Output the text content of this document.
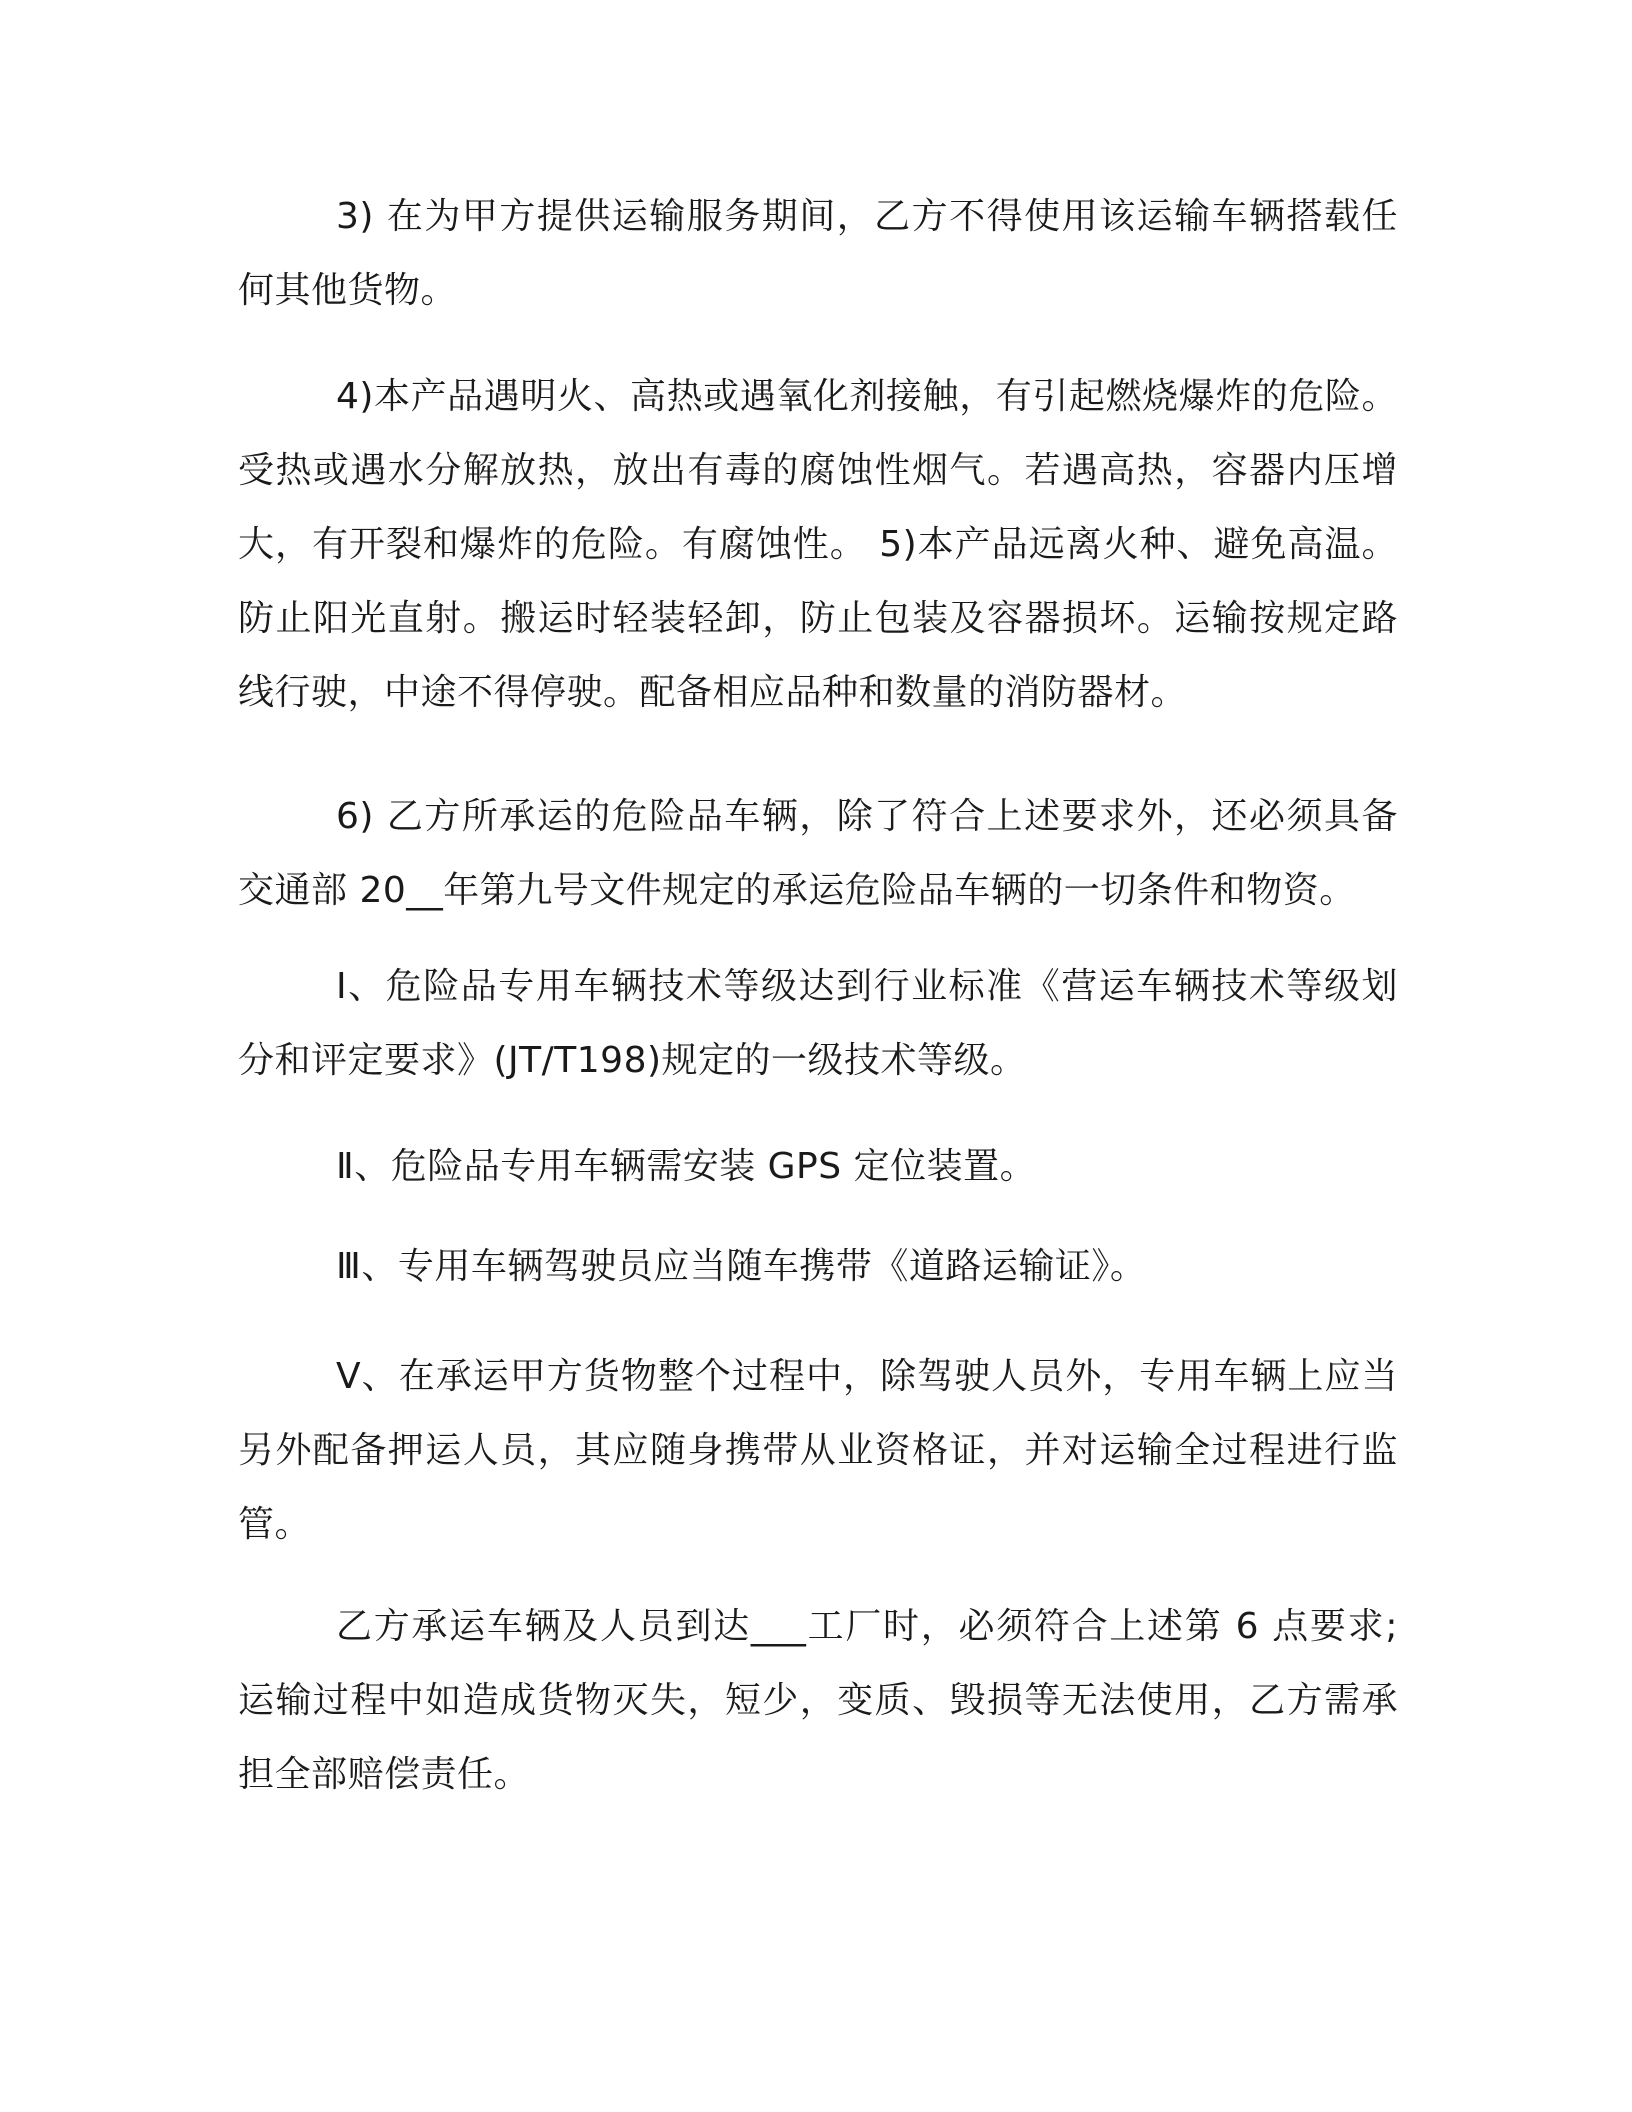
3) 在为甲方提供运输服务期间，乙方不得使用该运输车辆搭载任何其他货物。

4)本产品遇明火、高热或遇氧化剂接触，有引起燃烧爆炸的危险。受热或遇水分解放热，放出有毒的腐蚀性烟气。若遇高热，容器内压增大，有开裂和爆炸的危险。有腐蚀性。 5)本产品远离火种、避免高温。防止阳光直射。搬运时轻装轻卸，防止包装及容器损坏。运输按规定路线行驶，中途不得停驶。配备相应品种和数量的消防器材。

6) 乙方所承运的危险品车辆，除了符合上述要求外，还必须具备交通部 20__年第九号文件规定的承运危险品车辆的一切条件和物资。

Ⅰ、危险品专用车辆技术等级达到行业标准《营运车辆技术等级划分和评定要求》(JT/T198)规定的一级技术等级。

Ⅱ、危险品专用车辆需安装 GPS 定位装置。

Ⅲ、专用车辆驾驶员应当随车携带《道路运输证》。

Ⅴ、在承运甲方货物整个过程中，除驾驶人员外，专用车辆上应当另外配备押运人员，其应随身携带从业资格证，并对运输全过程进行监管。

乙方承运车辆及人员到达___工厂时，必须符合上述第 6 点要求;运输过程中如造成货物灭失，短少，变质、毁损等无法使用，乙方需承担全部赔偿责任。
